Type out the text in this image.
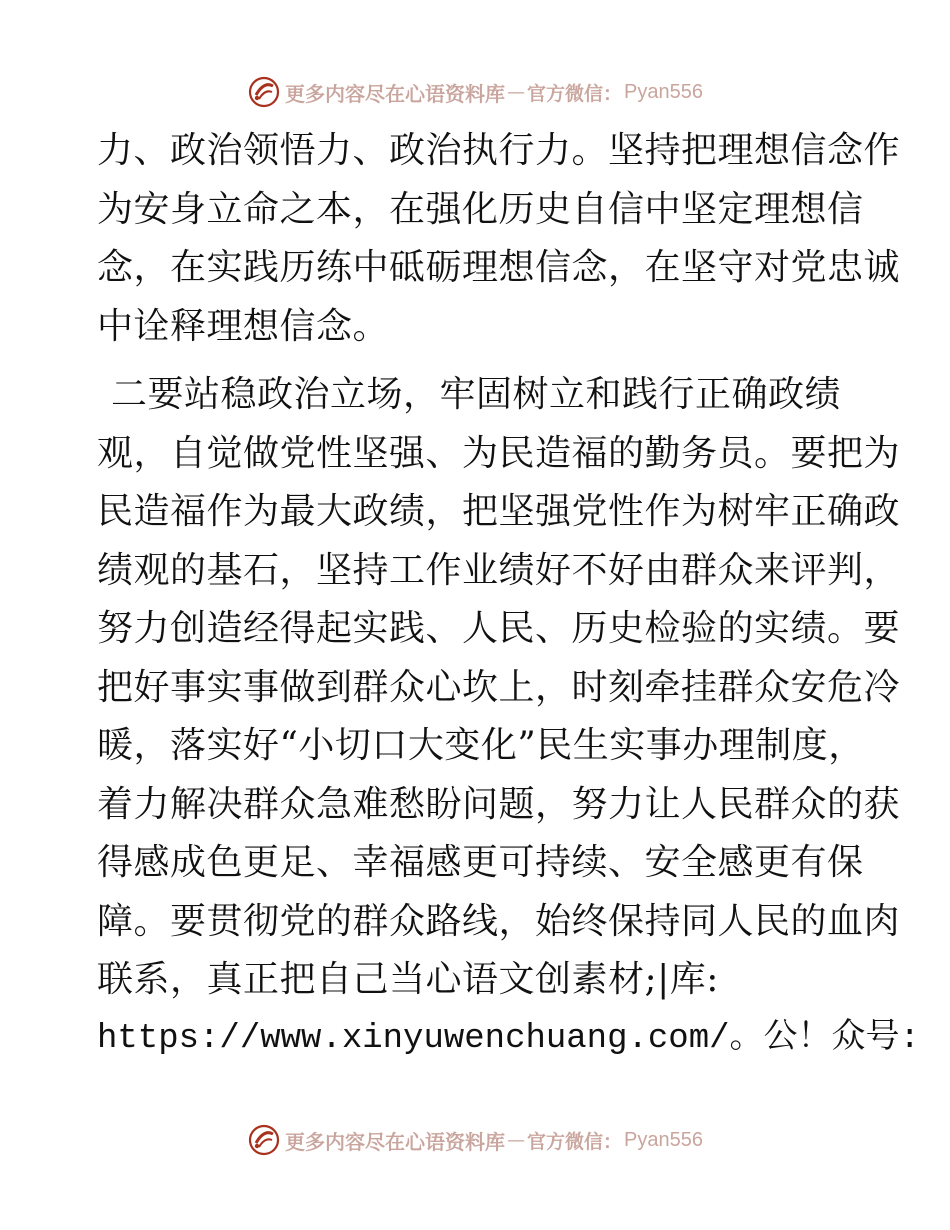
更多内容尽在心语资料库 — 官方微信： Pyan556
力、政治领悟力、政治执行力。坚持把理想信念作
为安身立命之本，在强化历史自信中坚定理想信
念，在实践历练中砥砺理想信念，在坚守对党忠诚
中诠释理想信念。
二要站稳政治立场，牢固树立和践行正确政绩
观，自觉做党性坚强、为民造福的勤务员。要把为
民造福作为最大政绩，把坚强党性作为树牢正确政
绩观的基石，坚持工作业绩好不好由群众来评判，
努力创造经得起实践、人民、历史检验的实绩。要
把好事实事做到群众心坎上，时刻牵挂群众安危冷
暖，落实好“小切口大变化”民生实事办理制度，
着力解决群众急难愁盼问题，努力让人民群众的获
得感成色更足、幸福感更可持续、安全感更有保
障。要贯彻党的群众路线，始终保持同人民的血肉
联系，真正把自己当心语文创素材;|库:
https://www.xinyuwenchuang.com/。公！众号:
更多内容尽在心语资料库 — 官方微信： Pyan556
